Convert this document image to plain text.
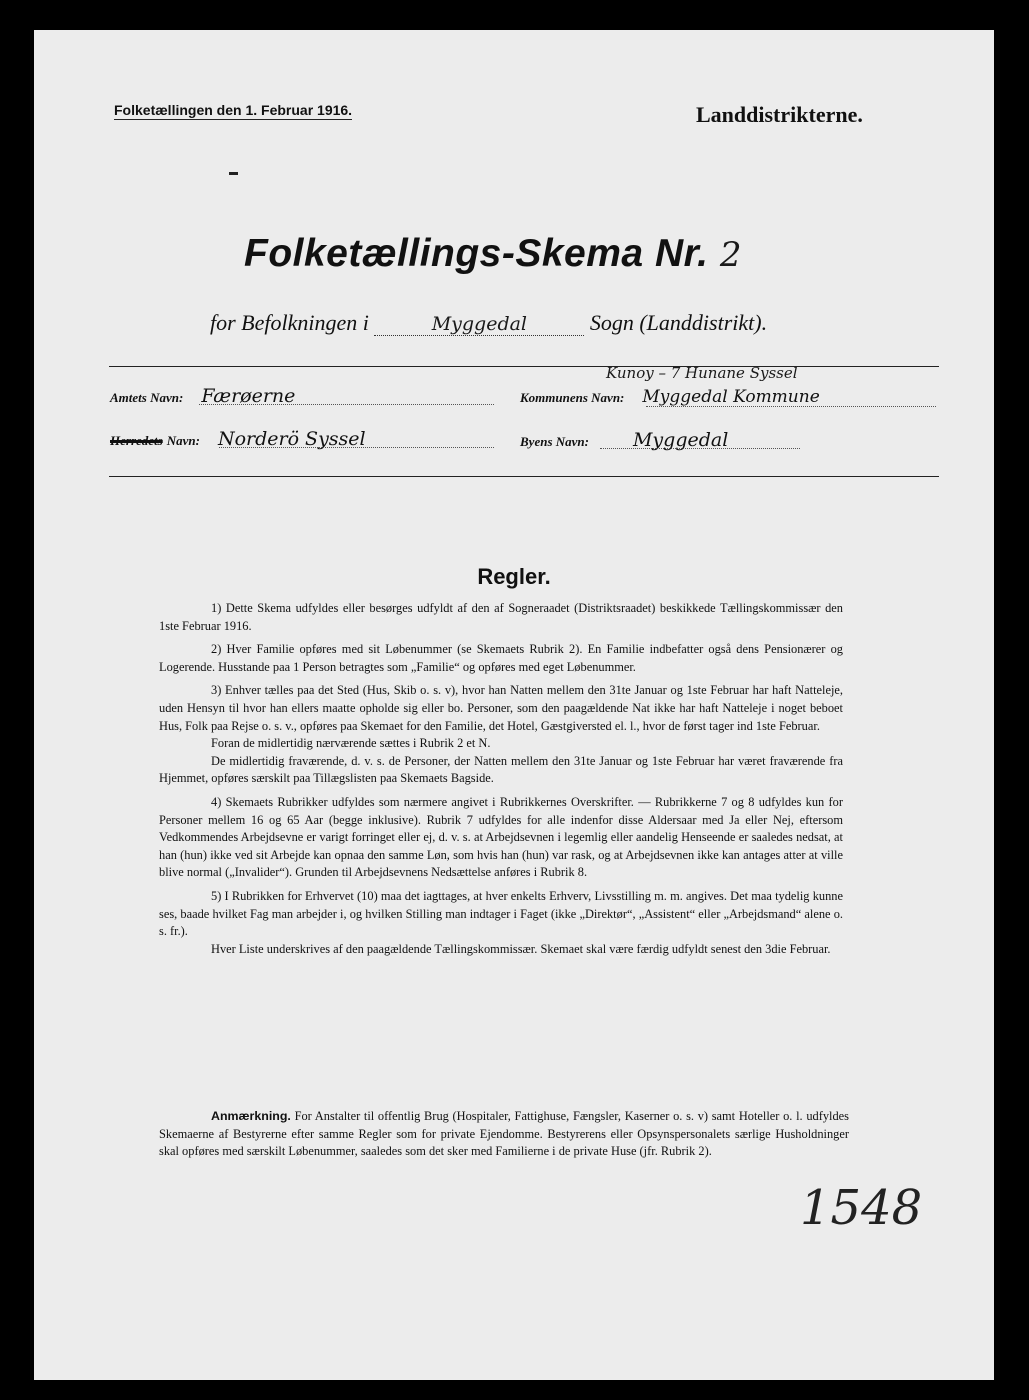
Folketællingen den 1. Februar 1916.	Landdistrikterne.
Folketællings-Skema Nr. 2
for Befolkningen i	Myggedal	Sogn (Landdistrikt).
Amtets Navn: Færøerne
Kunoy – 7 Hunane Syssel
Kommunens Navn: Myggedal Kommune
Herredets Navn: Norderö Syssel	Byens Navn: Myggedal
Regler.

1) Dette Skema udfyldes eller besørges udfyldt af den af Sogneraadet (Distriktsraadet) beskikkede Tællingskommissær den 1ste Februar 1916.

2) Hver Familie opføres med sit Løbenummer (se Skemaets Rubrik 2). En Familie indbefatter også dens Pensionærer og Logerende. Husstande paa 1 Person betragtes som „Familie“ og opføres med eget Løbenummer.

3) Enhver tælles paa det Sted (Hus, Skib o. s. v), hvor han Natten mellem den 31te Januar og 1ste Februar har haft Natteleje, uden Hensyn til hvor han ellers maatte opholde sig eller bo. Personer, som den paagældende Nat ikke har haft Natteleje i noget beboet Hus, Folk paa Rejse o. s. v., opføres paa Skemaet for den Familie, det Hotel, Gæstgiversted el. l., hvor de først tager ind 1ste Februar.

Foran de midlertidig nærværende sættes i Rubrik 2 et N.

De midlertidig fraværende, d. v. s. de Personer, der Natten mellem den 31te Januar og 1ste Februar har været fraværende fra Hjemmet, opføres særskilt paa Tillægslisten paa Skemaets Bagside.

4) Skemaets Rubrikker udfyldes som nærmere angivet i Rubrikkernes Overskrifter. — Rubrikkerne 7 og 8 udfyldes kun for Personer mellem 16 og 65 Aar (begge inklusive). Rubrik 7 udfyldes for alle indenfor disse Aldersaar med Ja eller Nej, eftersom Vedkommendes Arbejdsevne er varigt forringet eller ej, d. v. s. at Arbejdsevnen i legemlig eller aandelig Henseende er saaledes nedsat, at han (hun) ikke ved sit Arbejde kan opnaa den samme Løn, som hvis han (hun) var rask, og at Arbejdsevnen ikke kan antages atter at ville blive normal („Invalider“). Grunden til Arbejdsevnens Nedsættelse anføres i Rubrik 8.

5) I Rubrikken for Erhvervet (10) maa det iagttages, at hver enkelts Erhverv, Livsstilling m. m. angives. Det maa tydelig kunne ses, baade hvilket Fag man arbejder i, og hvilken Stilling man indtager i Faget (ikke „Direktør“, „Assistent“ eller „Arbejdsmand“ alene o. s. fr.).

Hver Liste underskrives af den paagældende Tællingskommissær. Skemaet skal være færdig udfyldt senest den 3die Februar.

Anmærkning. For Anstalter til offentlig Brug (Hospitaler, Fattighuse, Fængsler, Kaserner o. s. v) samt Hoteller o. l. udfyldes Skemaerne af Bestyrerne efter samme Regler som for private Ejendomme. Bestyrerens eller Opsynspersonalets særlige Husholdninger skal opføres med særskilt Løbenummer, saaledes som det sker med Familierne i de private Huse (jfr. Rubrik 2).
1548
